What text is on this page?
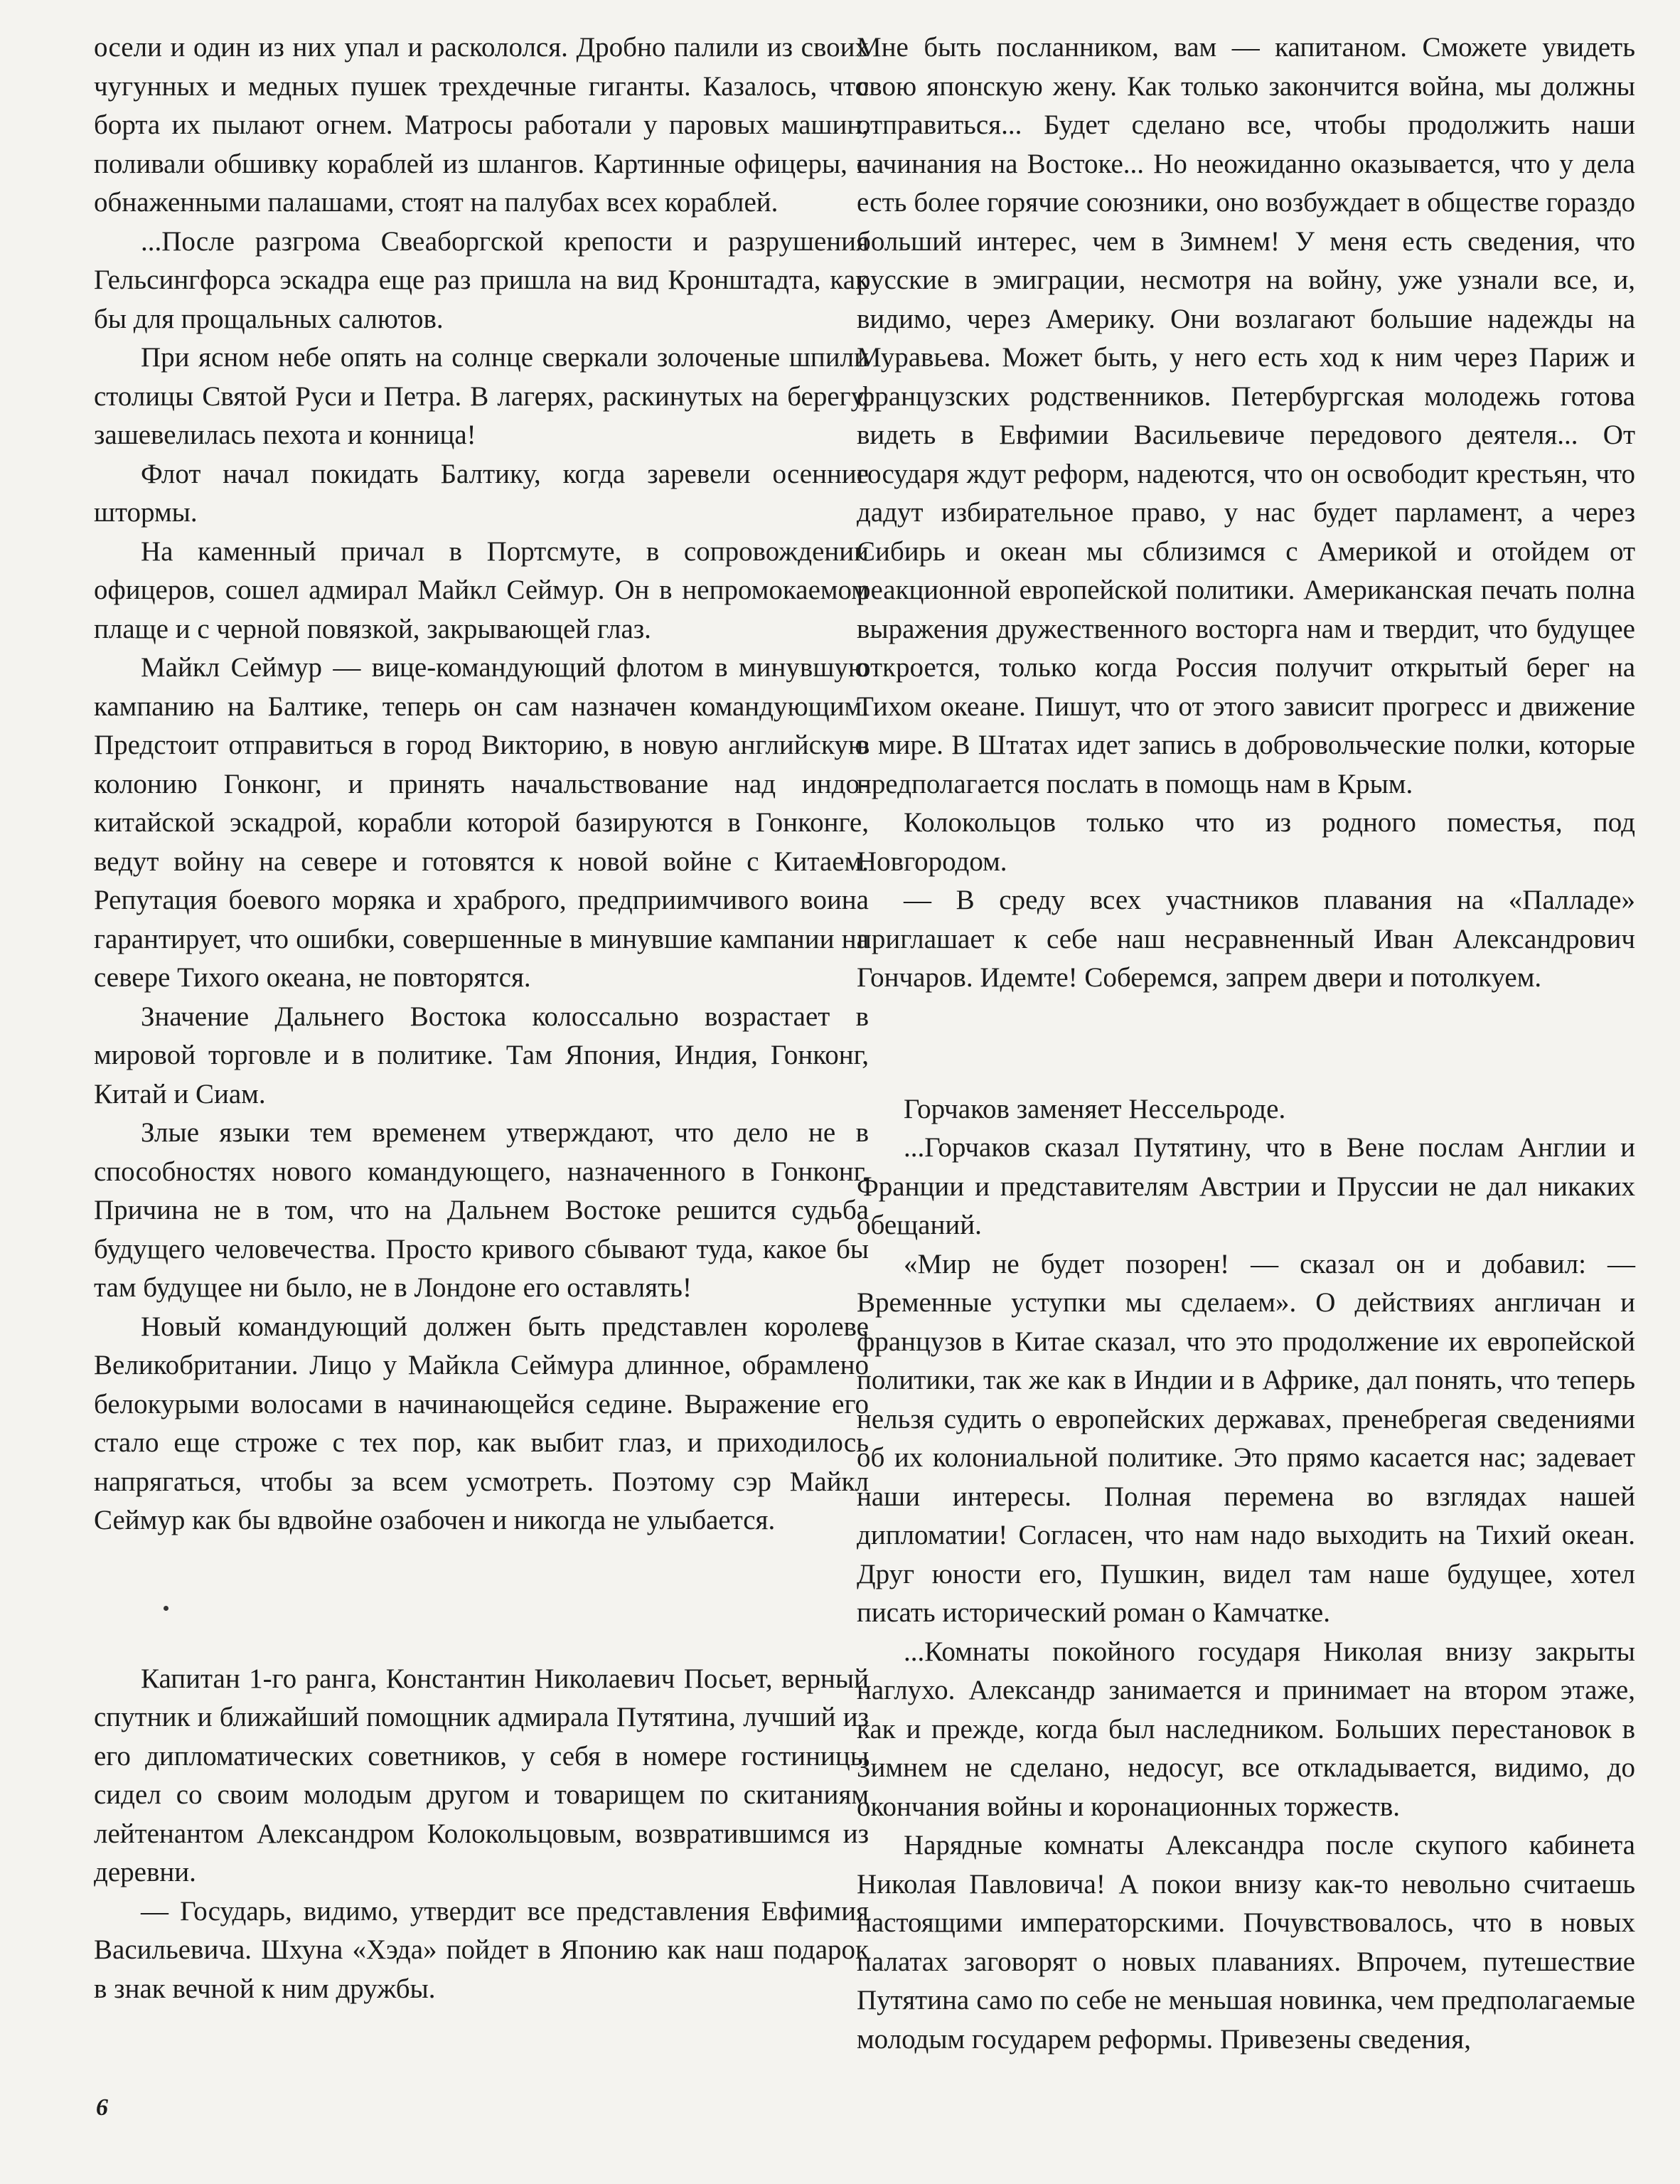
осели и один из них упал и раскололся. Дробно палили из своих чугунных и медных пушек трехдечные гиганты. Казалось, что борта их пылают огнем. Матросы работали у паровых машин, поливали обшивку кораблей из шлангов. Картинные офицеры, с обнаженными палашами, стоят на палубах всех кораблей.

...После разгрома Свеаборгской крепости и разрушения Гельсингфорса эскадра еще раз пришла на вид Кронштадта, как бы для прощальных салютов.

При ясном небе опять на солнце сверкали золоченые шпили столицы Святой Руси и Петра. В лагерях, раскинутых на берегу, зашевелилась пехота и конница!

Флот начал покидать Балтику, когда заревели осенние штормы.

На каменный причал в Портсмуте, в сопровождении офицеров, сошел адмирал Майкл Сеймур. Он в непромокаемом плаще и с черной повязкой, закрывающей глаз.

Майкл Сеймур — вице-командующий флотом в минувшую кампанию на Балтике, теперь он сам назначен командующим. Предстоит отправиться в город Викторию, в новую английскую колонию Гонконг, и принять начальствование над индо-китайской эскадрой, корабли которой базируются в Гонконге, ведут войну на севере и готовятся к новой войне с Китаем. Репутация боевого моряка и храброго, предприимчивого воина гарантирует, что ошибки, совершенные в минувшие кампании на севере Тихого океана, не повторятся.

Значение Дальнего Востока колоссально возрастает в мировой торговле и в политике. Там Япония, Индия, Гонконг, Китай и Сиам.

Злые языки тем временем утверждают, что дело не в способностях нового командующего, назначенного в Гонконг. Причина не в том, что на Дальнем Востоке решится судьба будущего человечества. Просто кривого сбывают туда, какое бы там будущее ни было, не в Лондоне его оставлять!

Новый командующий должен быть представлен королеве Великобритании. Лицо у Майкла Сеймура длинное, обрамлено белокурыми волосами в начинающейся седине. Выражение его стало еще строже с тех пор, как выбит глаз, и приходилось напрягаться, чтобы за всем усмотреть. Поэтому сэр Майкл Сеймур как бы вдвойне озабочен и никогда не улыбается.

Капитан 1-го ранга, Константин Николаевич Посьет, верный спутник и ближайший помощник адмирала Путятина, лучший из его дипломатических советников, у себя в номере гостиницы сидел со своим молодым другом и товарищем по скитаниям лейтенантом Александром Колокольцовым, возвратившимся из деревни.

— Государь, видимо, утвердит все представления Евфимия Васильевича. Шхуна «Хэда» пойдет в Японию как наш подарок в знак вечной к ним дружбы.

Мне быть посланником, вам — капитаном. Сможете увидеть свою японскую жену. Как только закончится война, мы должны отправиться... Будет сделано все, чтобы продолжить наши начинания на Востоке... Но неожиданно оказывается, что у дела есть более горячие союзники, оно возбуждает в обществе гораздо больший интерес, чем в Зимнем! У меня есть сведения, что русские в эмиграции, несмотря на войну, уже узнали все, и, видимо, через Америку. Они возлагают большие надежды на Муравьева. Может быть, у него есть ход к ним через Париж и французских родственников. Петербургская молодежь готова видеть в Евфимии Васильевиче передового деятеля... От государя ждут реформ, надеются, что он освободит крестьян, что дадут избирательное право, у нас будет парламент, а через Сибирь и океан мы сблизимся с Америкой и отойдем от реакционной европейской политики. Американская печать полна выражения дружественного восторга нам и твердит, что будущее откроется, только когда Россия получит открытый берег на Тихом океане. Пишут, что от этого зависит прогресс и движение в мире. В Штатах идет запись в добровольческие полки, которые предполагается послать в помощь нам в Крым.

Колокольцов только что из родного поместья, под Новгородом.

— В среду всех участников плавания на «Палладе» приглашает к себе наш несравненный Иван Александрович Гончаров. Идемте! Соберемся, запрем двери и потолкуем.

Горчаков заменяет Нессельроде.

...Горчаков сказал Путятину, что в Вене послам Англии и Франции и представителям Австрии и Пруссии не дал никаких обещаний.

«Мир не будет позорен! — сказал он и добавил: — Временные уступки мы сделаем». О действиях англичан и французов в Китае сказал, что это продолжение их европейской политики, так же как в Индии и в Африке, дал понять, что теперь нельзя судить о европейских державах, пренебрегая сведениями об их колониальной политике. Это прямо касается нас; задевает наши интересы. Полная перемена во взглядах нашей дипломатии! Согласен, что нам надо выходить на Тихий океан. Друг юности его, Пушкин, видел там наше будущее, хотел писать исторический роман о Камчатке.

...Комнаты покойного государя Николая внизу закрыты наглухо. Александр занимается и принимает на втором этаже, как и прежде, когда был наследником. Больших перестановок в Зимнем не сделано, недосуг, все откладывается, видимо, до окончания войны и коронационных торжеств.

Нарядные комнаты Александра после скупого кабинета Николая Павловича! А покои внизу как-то невольно считаешь настоящими императорскими. Почувствовалось, что в новых палатах заговорят о новых плаваниях. Впрочем, путешествие Путятина само по себе не меньшая новинка, чем предполагаемые молодым государем реформы. Привезены сведения,

6
